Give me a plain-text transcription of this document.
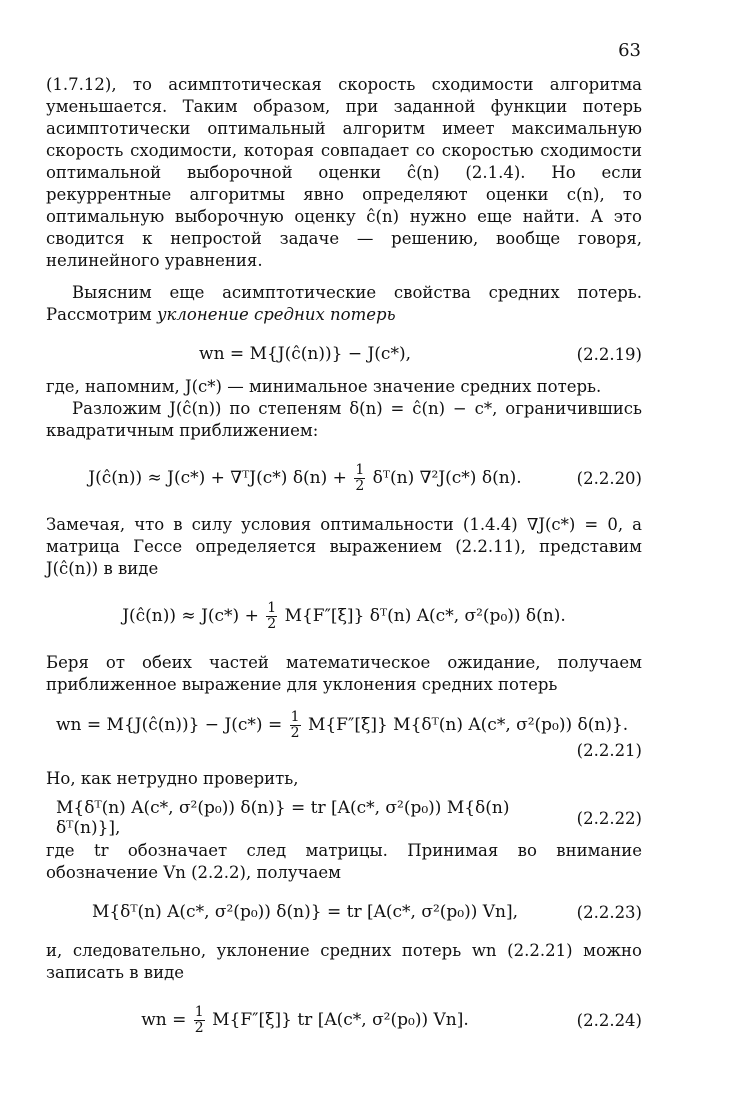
63

(1.7.12), то асимптотическая скорость сходимости алгоритма уменьшается. Таким образом, при заданной функции потерь асимптотически оптимальный алгоритм имеет максимальную скорость сходимости, которая совпадает со скоростью сходимости оптимальной выборочной оценки ĉ(n) (2.1.4). Но если рекуррентные алгоритмы явно определяют оценки c(n), то оптимальную выборочную оценку ĉ(n) нужно еще найти. А это сводится к непростой задаче — решению, вообще говоря, нелинейного уравнения.

Выясним еще асимптотические свойства средних потерь. Рассмотрим уклонение средних потерь

wn = M{J(ĉ(n))} − J(c*),	(2.2.19)

где, напомним, J(c*) — минимальное значение средних потерь.

Разложим J(ĉ(n)) по степеням δ(n) = ĉ(n) − c*, ограничившись квадратичным приближением:

J(ĉ(n)) ≈ J(c*) + ∇ᵀJ(c*) $\delta(n) + \frac{1}{2}$ δᵀ(n) ∇²J(c*) δ(n).	(2.2.20)

Замечая, что в силу условия оптимальности (1.4.4) ∇J(c*) = 0, а матрица Гессе определяется выражением (2.2.11), представим J(ĉ(n)) в виде

J(ĉ(n)) ≈ $J(c*) + \frac{1}{2} M\{F''[\xi]\}$ δᵀ(n) A(c*, σ²(p₀)) δ(n).

Беря от обеих частей математическое ожидание, получаем приближенное выражение для уклонения средних потерь

wn = M{J(ĉ(n))} − $J(c*) = \frac{1}{2} M\{F''[\xi]\}$ M{δᵀ(n) A(c*, σ²(p₀)) δ(n)}.
(2.2.21)

Но, как нетрудно проверить,

M{δᵀ(n) A(c*, σ²(p₀)) δ(n)} = tr [A(c*, σ²(p₀)) M{δ(n) δᵀ(n)}],	(2.2.22)

где tr обозначает след матрицы. Принимая во внимание обозначение Vn (2.2.2), получаем

M{δᵀ(n) A(c*, σ²(p₀)) δ(n)} = tr [A(c*, σ²(p₀)) Vn],	(2.2.23)

и, следовательно, уклонение средних потерь wn (2.2.21) можно записать в виде

wn = $\frac{1}{2} M\{F''[\xi]\}$ tr [A(c*, σ²(p₀)) Vn].	(2.2.24)
